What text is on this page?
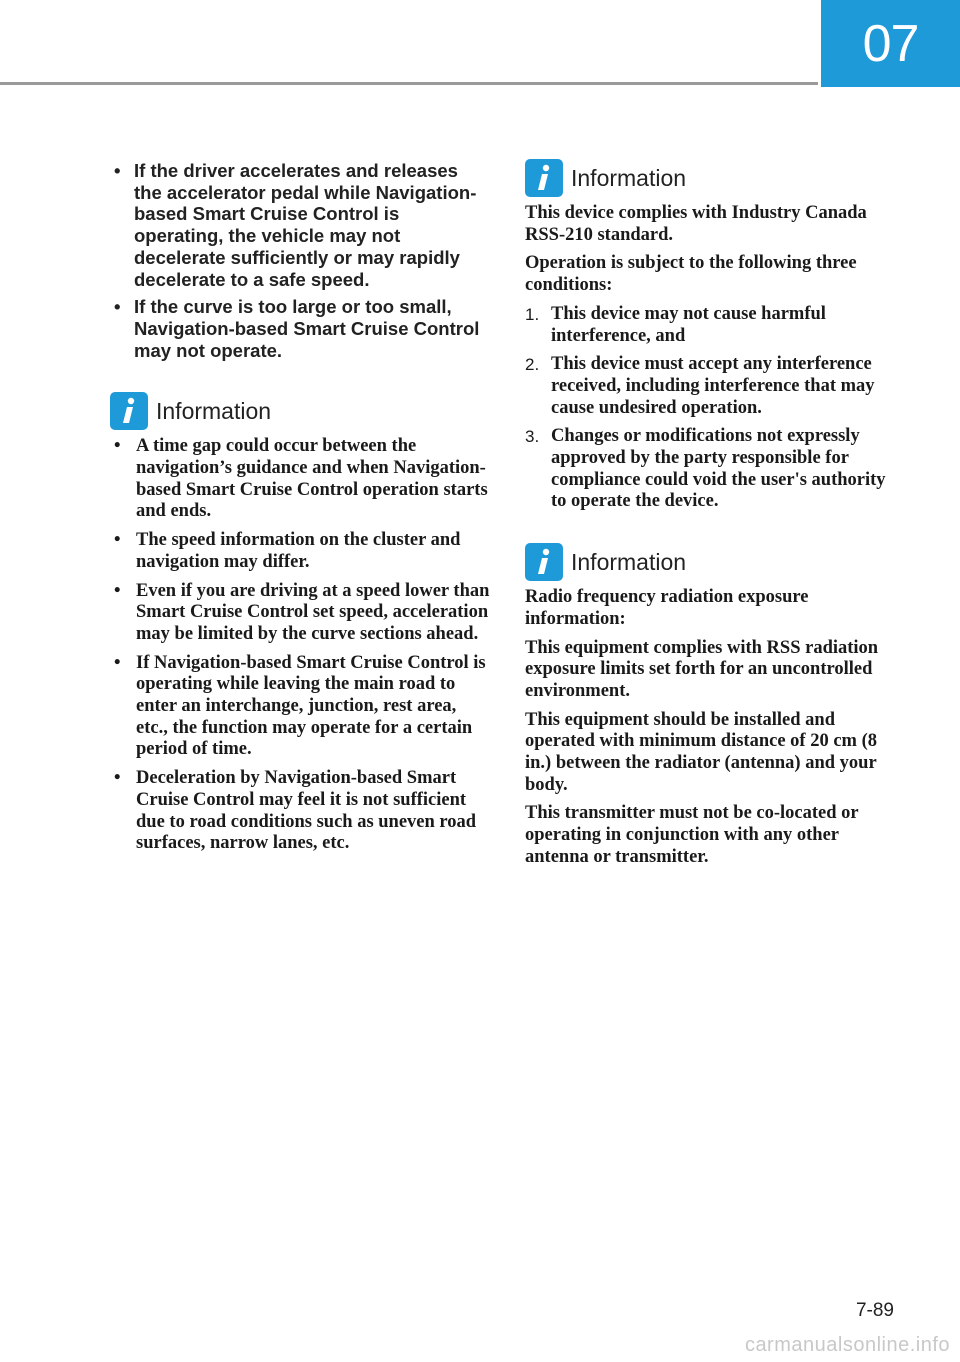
07
• If the driver accelerates and releases the accelerator pedal while Navigation-based Smart Cruise Control is operating, the vehicle may not decelerate sufficiently or may rapidly decelerate to a safe speed.
• If the curve is too large or too small, Navigation-based Smart Cruise Control may not operate.
Information
• A time gap could occur between the navigation’s guidance and when Navigation-based Smart Cruise Control operation starts and ends.
• The speed information on the cluster and navigation may differ.
• Even if you are driving at a speed lower than Smart Cruise Control set speed, acceleration may be limited by the curve sections ahead.
• If Navigation-based Smart Cruise Control is operating while leaving the main road to enter an interchange, junction, rest area, etc., the function may operate for a certain period of time.
• Deceleration by Navigation-based Smart Cruise Control may feel it is not sufficient due to road conditions such as uneven road surfaces, narrow lanes, etc.
Information

This device complies with Industry Canada RSS-210 standard.

Operation is subject to the following three conditions:

1. This device may not cause harmful interference, and
2. This device must accept any interference received, including interference that may cause undesired operation.
3. Changes or modifications not expressly approved by the party responsible for compliance could void the user's authority to operate the device.
Information

Radio frequency radiation exposure information:

This equipment complies with RSS radiation exposure limits set forth for an uncontrolled environment.

This equipment should be installed and operated with minimum distance of 20 cm (8 in.) between the radiator (antenna) and your body.

This transmitter must not be co-located or operating in conjunction with any other antenna or transmitter.

7-89
carmanualsonline.info
